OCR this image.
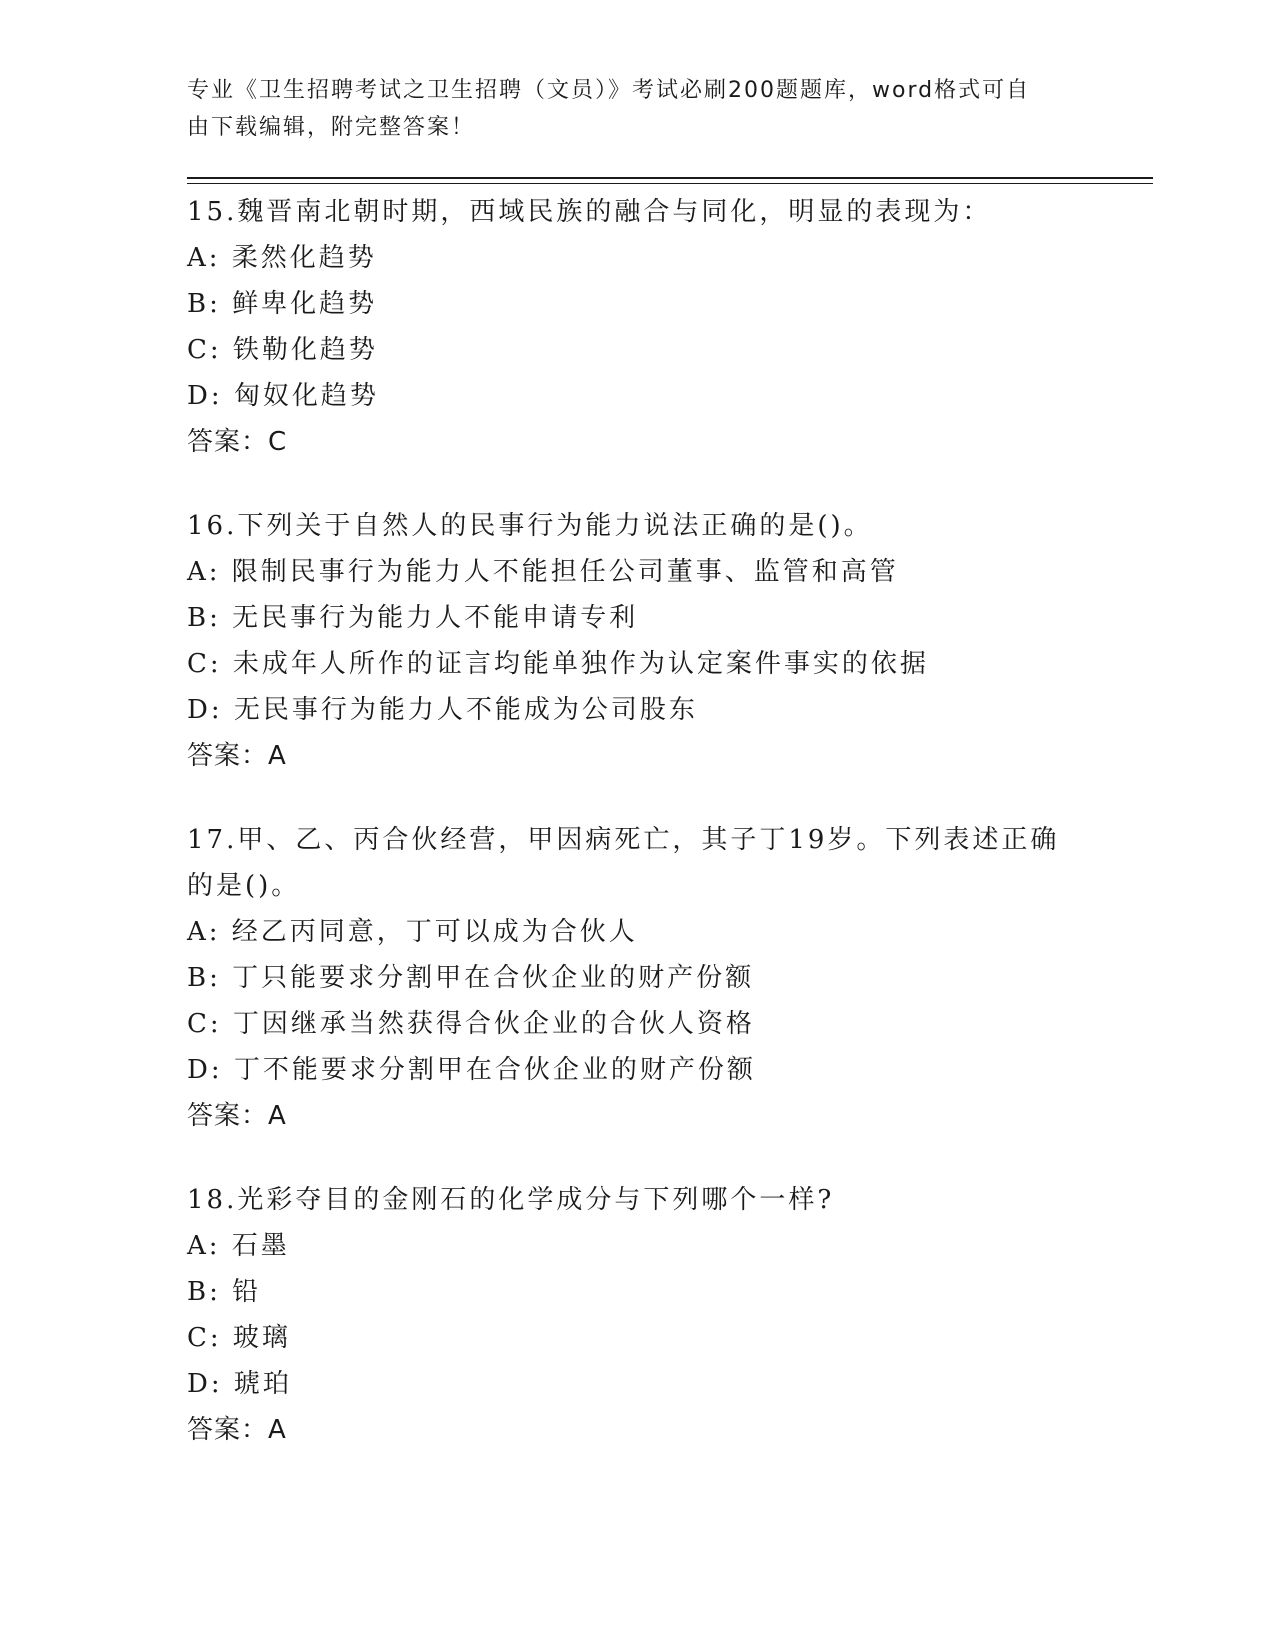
专业《卫生招聘考试之卫生招聘（文员）》考试必刷200题题库，word格式可自
由下载编辑，附完整答案！
15.魏晋南北朝时期，西域民族的融合与同化，明显的表现为：
A: 柔然化趋势
B: 鲜卑化趋势
C: 铁勒化趋势
D: 匈奴化趋势
答案：C
16.下列关于自然人的民事行为能力说法正确的是()。
A: 限制民事行为能力人不能担任公司董事、监管和高管
B: 无民事行为能力人不能申请专利
C: 未成年人所作的证言均能单独作为认定案件事实的依据
D: 无民事行为能力人不能成为公司股东
答案：A
17.甲、乙、丙合伙经营，甲因病死亡，其子丁19岁。下列表述正确
的是()。
A: 经乙丙同意，丁可以成为合伙人
B: 丁只能要求分割甲在合伙企业的财产份额
C: 丁因继承当然获得合伙企业的合伙人资格
D: 丁不能要求分割甲在合伙企业的财产份额
答案：A
18.光彩夺目的金刚石的化学成分与下列哪个一样?
A: 石墨
B: 铅
C: 玻璃
D: 琥珀
答案：A
